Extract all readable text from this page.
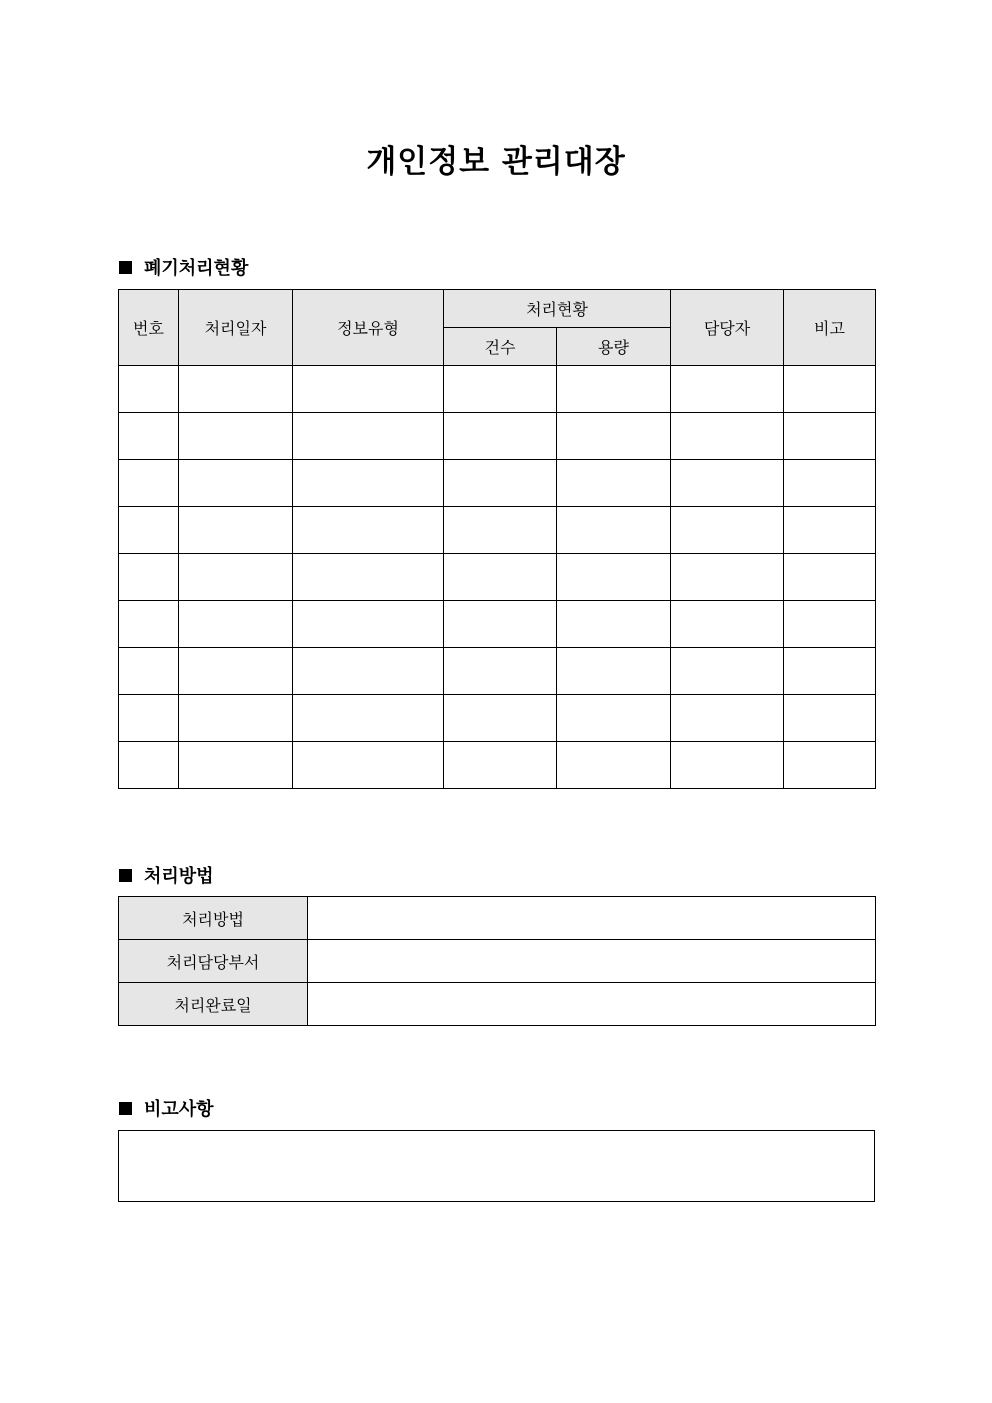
개인정보 관리대장
폐기처리현황
번호	처리일자	정보유형	처리현황		담당자	비고
			건수	용량		

처리방법
처리방법	
처리담당부서	
처리완료일	
비고사항
